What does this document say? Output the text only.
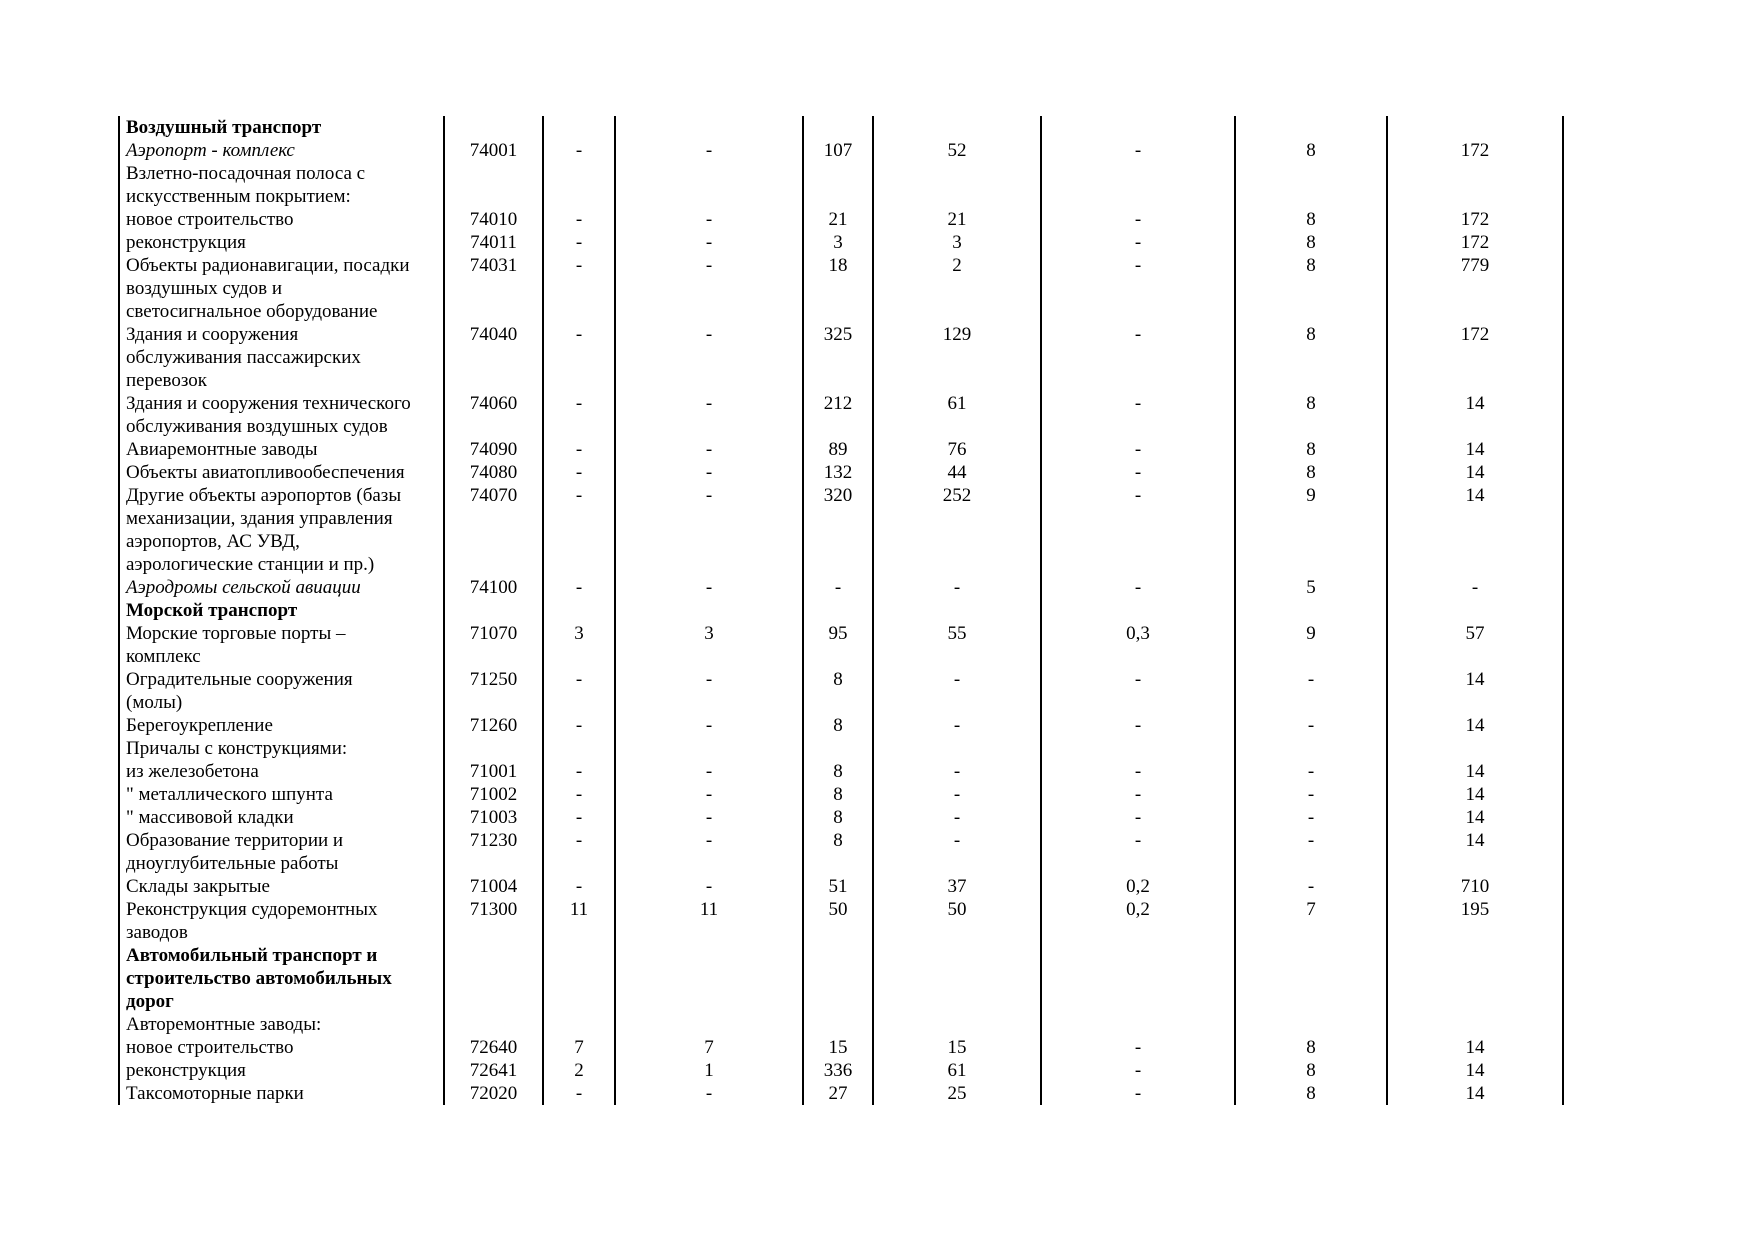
Воздушный транспорт								
Аэропорт - комплекс	74001	-	-	107	52	-	8	172
Взлетно-посадочная полоса с								
искусственным покрытием:								
новое строительство	74010	-	-	21	21	-	8	172
реконструкция	74011	-	-	3	3	-	8	172
Объекты радионавигации, посадки	74031	-	-	18	2	-	8	779
воздушных судов и								
светосигнальное оборудование								
Здания и сооружения	74040	-	-	325	129	-	8	172
обслуживания пассажирских								
перевозок								
Здания и сооружения технического	74060	-	-	212	61	-	8	14
обслуживания воздушных судов								
Авиаремонтные заводы	74090	-	-	89	76	-	8	14
Объекты авиатопливообеспечения	74080	-	-	132	44	-	8	14
Другие объекты аэропортов (базы	74070	-	-	320	252	-	9	14
механизации, здания управления								
аэропортов, АС УВД,								
аэрологические станции и пр.)								
Аэродромы сельской авиации	74100	-	-	-	-	-	5	-
Морской транспорт								
Морские торговые порты –	71070	3	3	95	55	0,3	9	57
комплекс								
Оградительные сооружения	71250	-	-	8	-	-	-	14
(молы)								
Берегоукрепление	71260	-	-	8	-	-	-	14
Причалы с конструкциями:								
из железобетона	71001	-	-	8	-	-	-	14
" металлического шпунта	71002	-	-	8	-	-	-	14
" массивовой кладки	71003	-	-	8	-	-	-	14
Образование территории и	71230	-	-	8	-	-	-	14
дноуглубительные работы								
Склады закрытые	71004	-	-	51	37	0,2	-	710
Реконструкция судоремонтных	71300	11	11	50	50	0,2	7	195
заводов								
Автомобильный транспорт и								
строительство автомобильных								
дорог								
Авторемонтные заводы:								
новое строительство	72640	7	7	15	15	-	8	14
реконструкция	72641	2	1	336	61	-	8	14
Таксомоторные парки	72020	-	-	27	25	-	8	14
